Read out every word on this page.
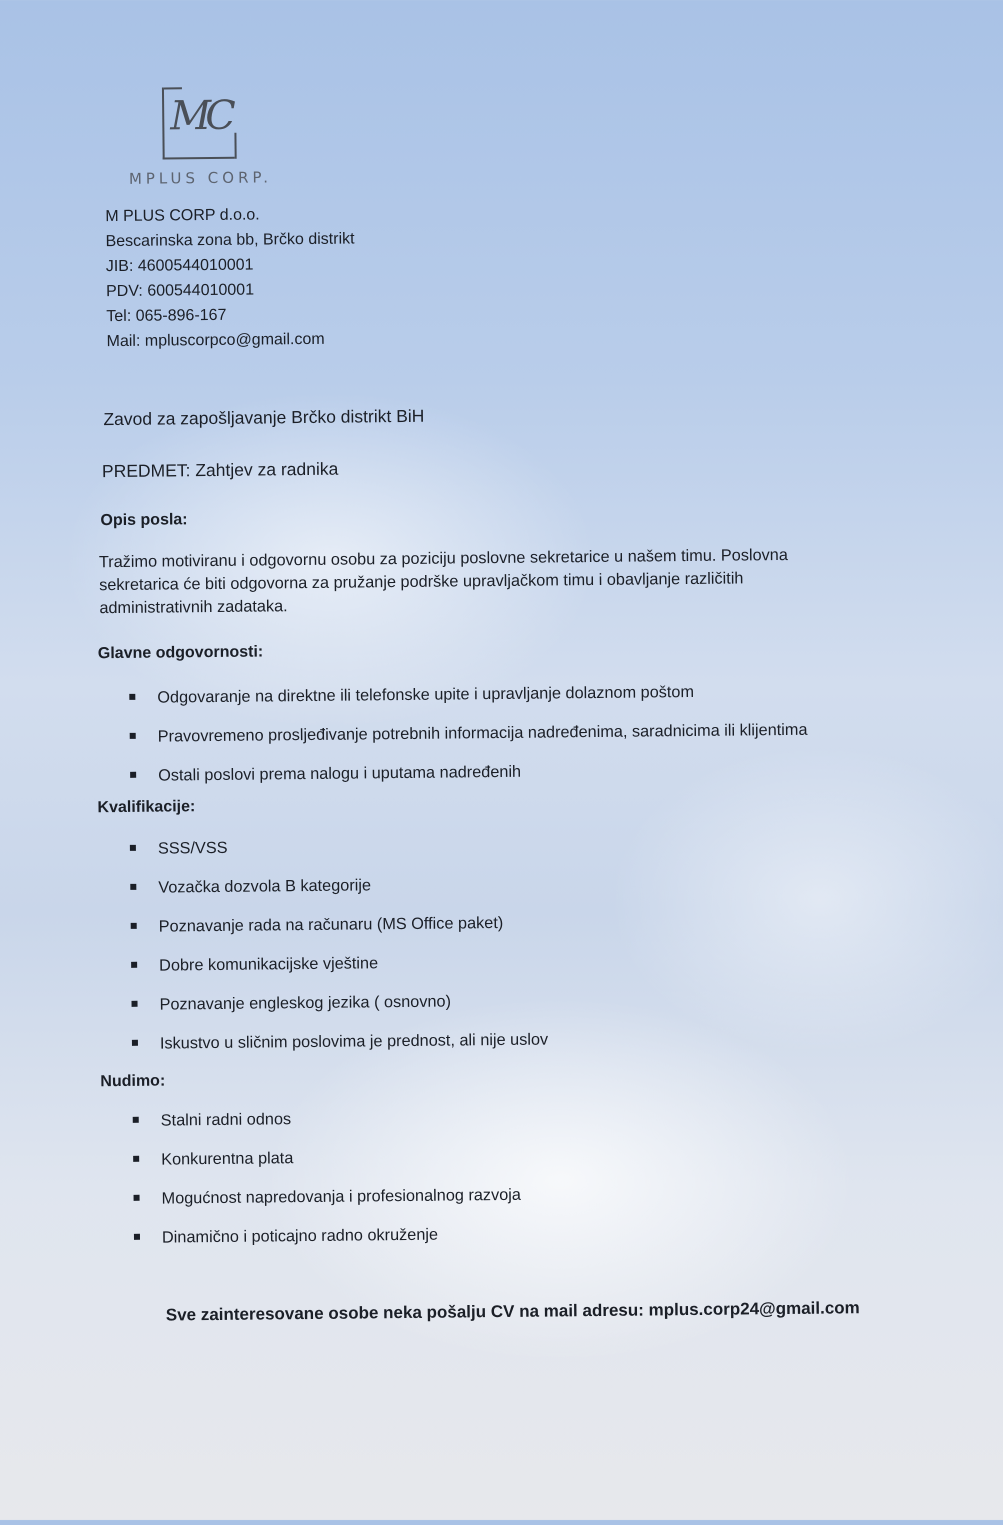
MC
MPLUS CORP.
M PLUS CORP d.o.o.
Bescarinska zona bb, Brčko distrikt
JIB: 4600544010001
PDV: 600544010001
Tel: 065-896-167
Mail: mpluscorpco@gmail.com
Zavod za zapošljavanje Brčko distrikt BiH
PREDMET: Zahtjev za radnika
Opis posla:
Tražimo motiviranu i odgovornu osobu za poziciju poslovne sekretarice u našem timu. Poslovna sekretarica će biti odgovorna za pružanje podrške upravljačkom timu i obavljanje različitih administrativnih zadataka.
Glavne odgovornosti:
Odgovaranje na direktne ili telefonske upite i upravljanje dolaznom poštom
Pravovremeno prosljeđivanje potrebnih informacija nadređenima, saradnicima ili klijentima
Ostali poslovi prema nalogu i uputama nadređenih
Kvalifikacije:
SSS/VSS
Vozačka dozvola B kategorije
Poznavanje rada na računaru (MS Office paket)
Dobre komunikacijske vještine
Poznavanje engleskog jezika ( osnovno)
Iskustvo u sličnim poslovima je prednost, ali nije uslov
Nudimo:
Stalni radni odnos
Konkurentna plata
Mogućnost napredovanja i profesionalnog razvoja
Dinamično i poticajno radno okruženje
Sve zainteresovane osobe neka pošalju CV na mail adresu: mplus.corp24@gmail.com
